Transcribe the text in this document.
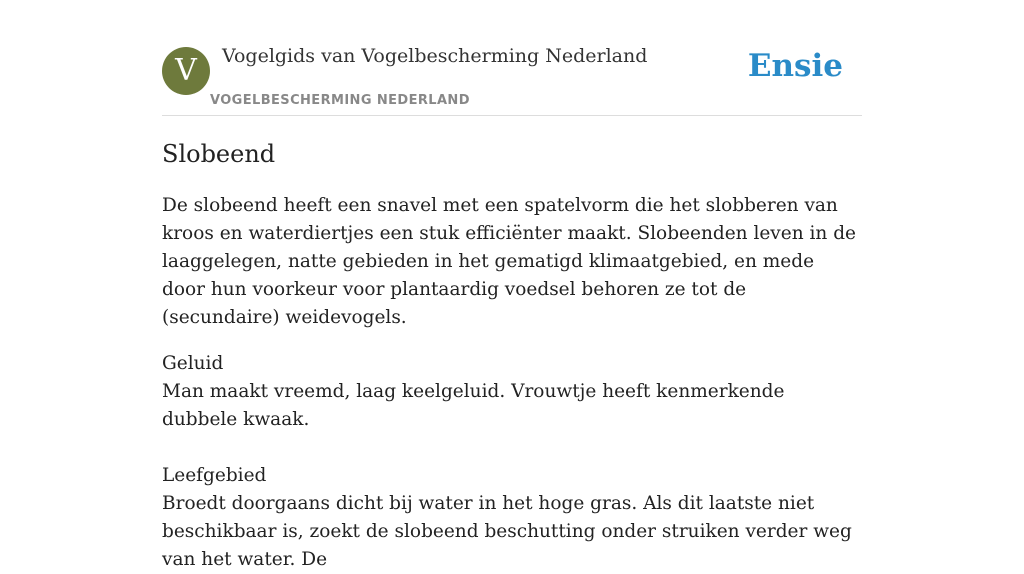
V	Vogelgids van Vogelbescherming Nederland
VOGELBESCHERMING NEDERLAND
Ensie
Slobeend

De slobeend heeft een snavel met een spatelvorm die het slobberen van kroos en waterdiertjes een stuk efficiënter maakt. Slobeenden leven in de laaggelegen, natte gebieden in het gematigd klimaatgebied, en mede door hun voorkeur voor plantaardig voedsel behoren ze tot de (secundaire) weidevogels.

Geluid

Man maakt vreemd, laag keelgeluid. Vrouwtje heeft kenmerkende dubbele kwaak.

Leefgebied

Broedt doorgaans dicht bij water in het hoge gras. Als dit laatste niet beschikbaar is, zoekt de slobeend beschutting onder struiken verder weg van het water. De
